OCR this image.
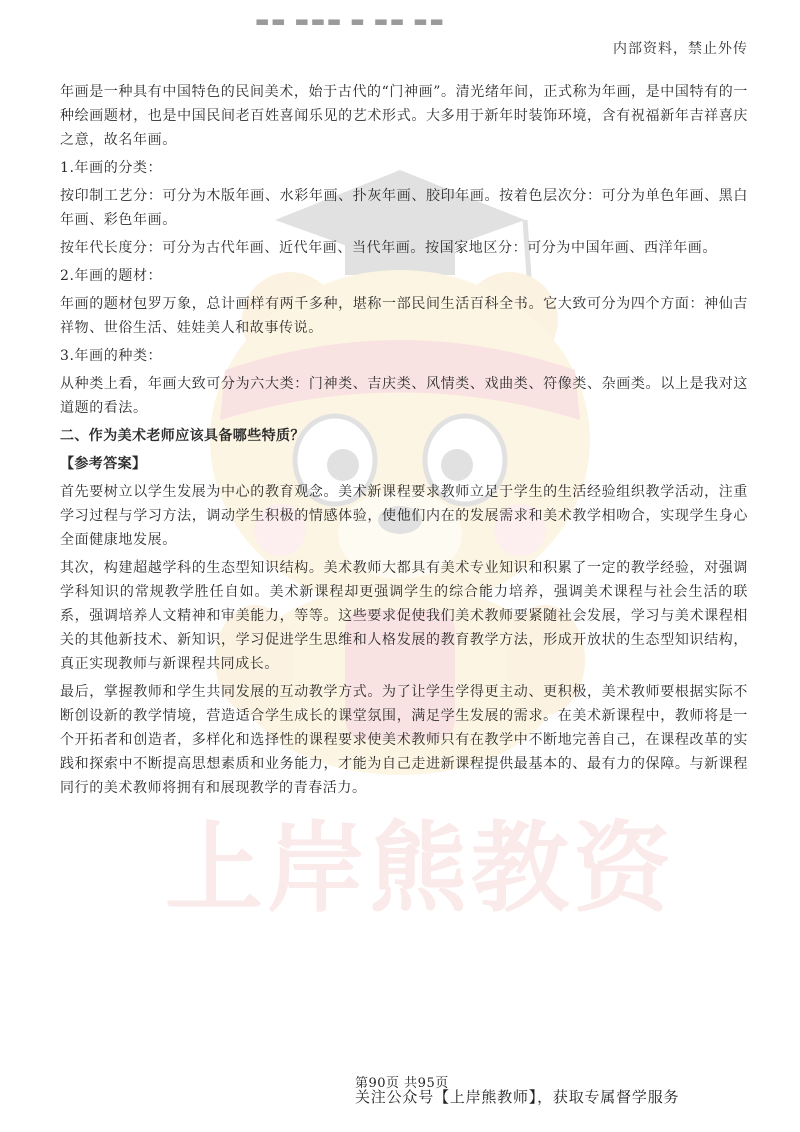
▬▬ ▬▬▬ ▬ ▬▬ ▬▬
上岸熊教资
内部资料，禁止外传

年画是一种具有中国特色的民间美术，始于古代的“门神画”。清光绪年间，正式称为年画，是中国特有的一种绘画题材，也是中国民间老百姓喜闻乐见的艺术形式。大多用于新年时装饰环境，含有祝福新年吉祥喜庆之意，故名年画。

1.年画的分类：

按印制工艺分：可分为木版年画、水彩年画、扑灰年画、胶印年画。按着色层次分：可分为单色年画、黑白年画、彩色年画。

按年代长度分：可分为古代年画、近代年画、当代年画。按国家地区分：可分为中国年画、西洋年画。

2.年画的题材：

年画的题材包罗万象，总计画样有两千多种，堪称一部民间生活百科全书。它大致可分为四个方面：神仙吉祥物、世俗生活、娃娃美人和故事传说。

3.年画的种类：

从种类上看，年画大致可分为六大类：门神类、吉庆类、风情类、戏曲类、符像类、杂画类。以上是我对这道题的看法。

二、作为美术老师应该具备哪些特质？

【参考答案】

首先要树立以学生发展为中心的教育观念。美术新课程要求教师立足于学生的生活经验组织教学活动，注重学习过程与学习方法，调动学生积极的情感体验，使他们内在的发展需求和美术教学相吻合，实现学生身心全面健康地发展。

其次，构建超越学科的生态型知识结构。美术教师大都具有美术专业知识和积累了一定的教学经验，对强调学科知识的常规教学胜任自如。美术新课程却更强调学生的综合能力培养，强调美术课程与社会生活的联系，强调培养人文精神和审美能力，等等。这些要求促使我们美术教师要紧随社会发展，学习与美术课程相关的其他新技术、新知识，学习促进学生思维和人格发展的教育教学方法，形成开放状的生态型知识结构，真正实现教师与新课程共同成长。

最后，掌握教师和学生共同发展的互动教学方式。为了让学生学得更主动、更积极，美术教师要根据实际不断创设新的教学情境，营造适合学生成长的课堂氛围，满足学生发展的需求。在美术新课程中，教师将是一个开拓者和创造者，多样化和选择性的课程要求使美术教师只有在教学中不断地完善自己，在课程改革的实践和探索中不断提高思想素质和业务能力，才能为自己走进新课程提供最基本的、最有力的保障。与新课程同行的美术教师将拥有和展现教学的青春活力。

第90页 共95页
关注公众号【上岸熊教师】，获取专属督学服务
